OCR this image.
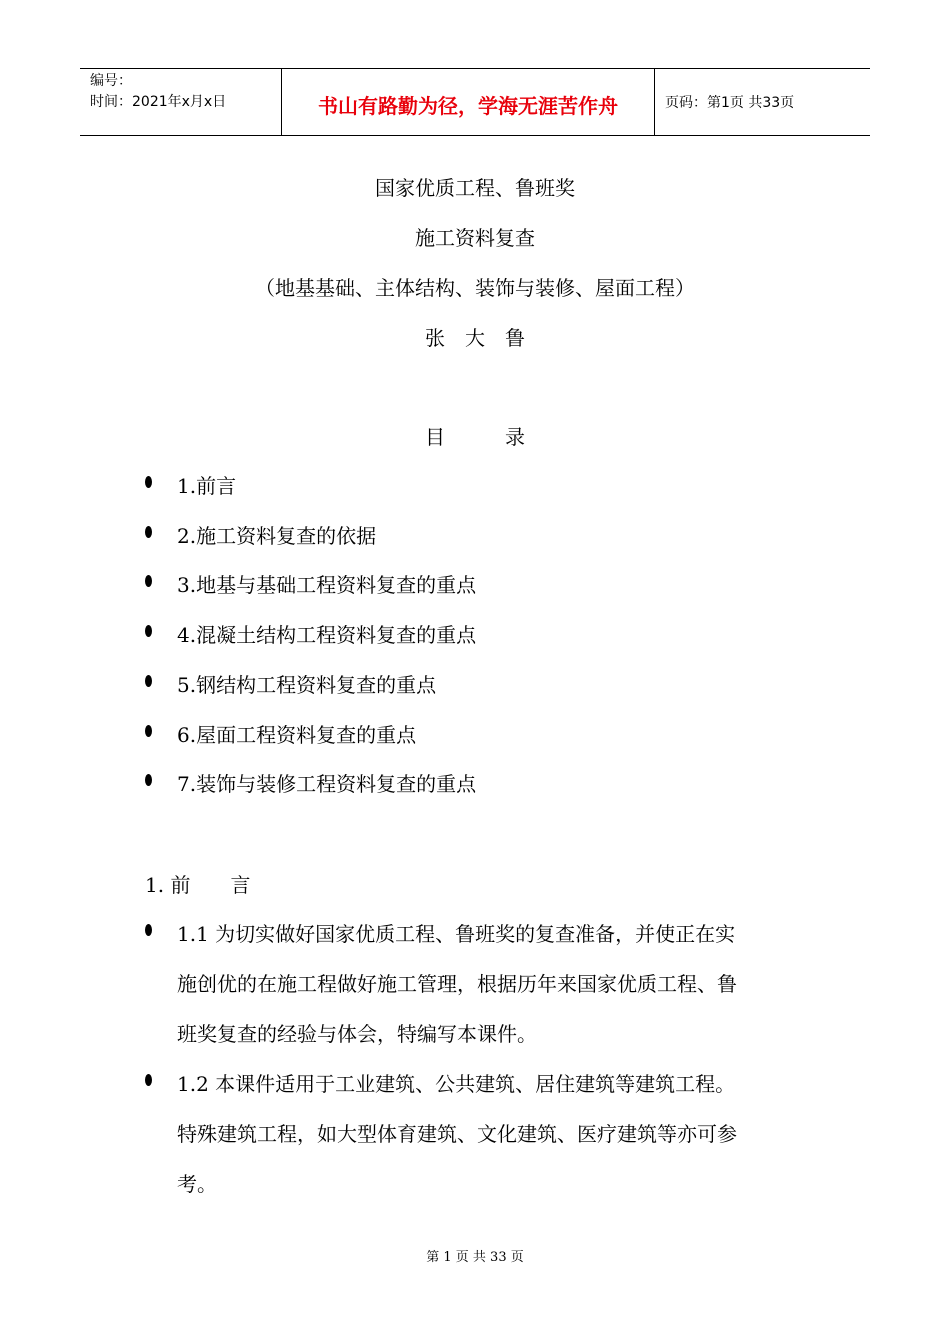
编号：
时间：2021年x月x日	书山有路勤为径，学海无涯苦作舟	页码：第1页 共33页
国家优质工程、鲁班奖
施工资料复查
（地基基础、主体结构、装饰与装修、屋面工程）
张　大　鲁
目　　　录
1.前言
2.施工资料复查的依据
3.地基与基础工程资料复查的重点
4.混凝土结构工程资料复查的重点
5.钢结构工程资料复查的重点
6.屋面工程资料复查的重点
7.装饰与装修工程资料复查的重点
1. 前　　言
1.1 为切实做好国家优质工程、鲁班奖的复查准备，并使正在实
施创优的在施工程做好施工管理，根据历年来国家优质工程、鲁
班奖复查的经验与体会，特编写本课件。
1.2 本课件适用于工业建筑、公共建筑、居住建筑等建筑工程。
特殊建筑工程，如大型体育建筑、文化建筑、医疗建筑等亦可参
考。
第 1 页 共 33 页
